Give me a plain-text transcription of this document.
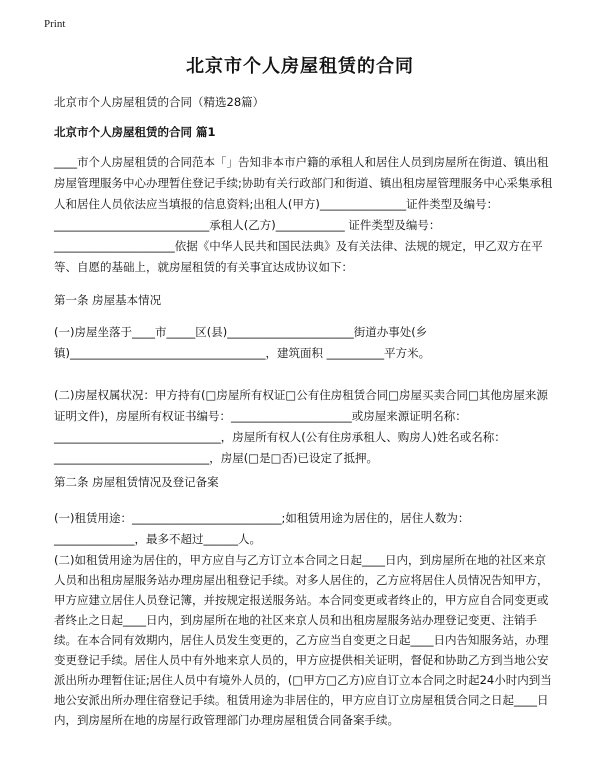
Print
北京市个人房屋租赁的合同

北京市个人房屋租赁的合同（精选28篇）

北京市个人房屋租赁的合同 篇1

____市个人房屋租赁的合同范本「」告知非本市户籍的承租人和居住人员到房屋所在街道、镇出租房屋管理服务中心办理暂住登记手续;协助有关行政部门和街道、镇出租房屋管理服务中心采集承租人和居住人员依法应当填报的信息资料;出租人(甲方)_______________证件类型及编号：___________________________承租人(乙方)____________ 证件类型及编号：_____________________依据《中华人民共和国民法典》及有关法律、法规的规定，甲乙双方在平等、自愿的基础上，就房屋租赁的有关事宜达成协议如下：

第一条 房屋基本情况

(一)房屋坐落于____市_____区(县)______________________街道办事处(乡镇)__________________________________，建筑面积 __________平方米。

(二)房屋权属状况：甲方持有(□房屋所有权证□公有住房租赁合同□房屋买卖合同□其他房屋来源证明文件)，房屋所有权证书编号：_____________________或房屋来源证明名称：_____________________________，房屋所有权人(公有住房承租人、购房人)姓名或名称：___________________________，房屋(□是□否)已设定了抵押。

第二条 房屋租赁情况及登记备案

(一)租赁用途：__________________________;如租赁用途为居住的，居住人数为：

______________，最多不超过______人。

(二)如租赁用途为居住的，甲方应自与乙方订立本合同之日起____日内，到房屋所在地的社区来京人员和出租房屋服务站办理房屋出租登记手续。对多人居住的，乙方应将居住人员情况告知甲方，甲方应建立居住人员登记簿，并按规定报送服务站。本合同变更或者终止的，甲方应自合同变更或者终止之日起____日内，到房屋所在地的社区来京人员和出租房屋服务站办理登记变更、注销手续。在本合同有效期内，居住人员发生变更的，乙方应当自变更之日起____日内告知服务站，办理变更登记手续。居住人员中有外地来京人员的，甲方应提供相关证明，督促和协助乙方到当地公安派出所办理暂住证;居住人员中有境外人员的，(□甲方□乙方)应自订立本合同之时起24小时内到当地公安派出所办理住宿登记手续。租赁用途为非居住的，甲方应自订立房屋租赁合同之日起____日内，到房屋所在地的房屋行政管理部门办理房屋租赁合同备案手续。
